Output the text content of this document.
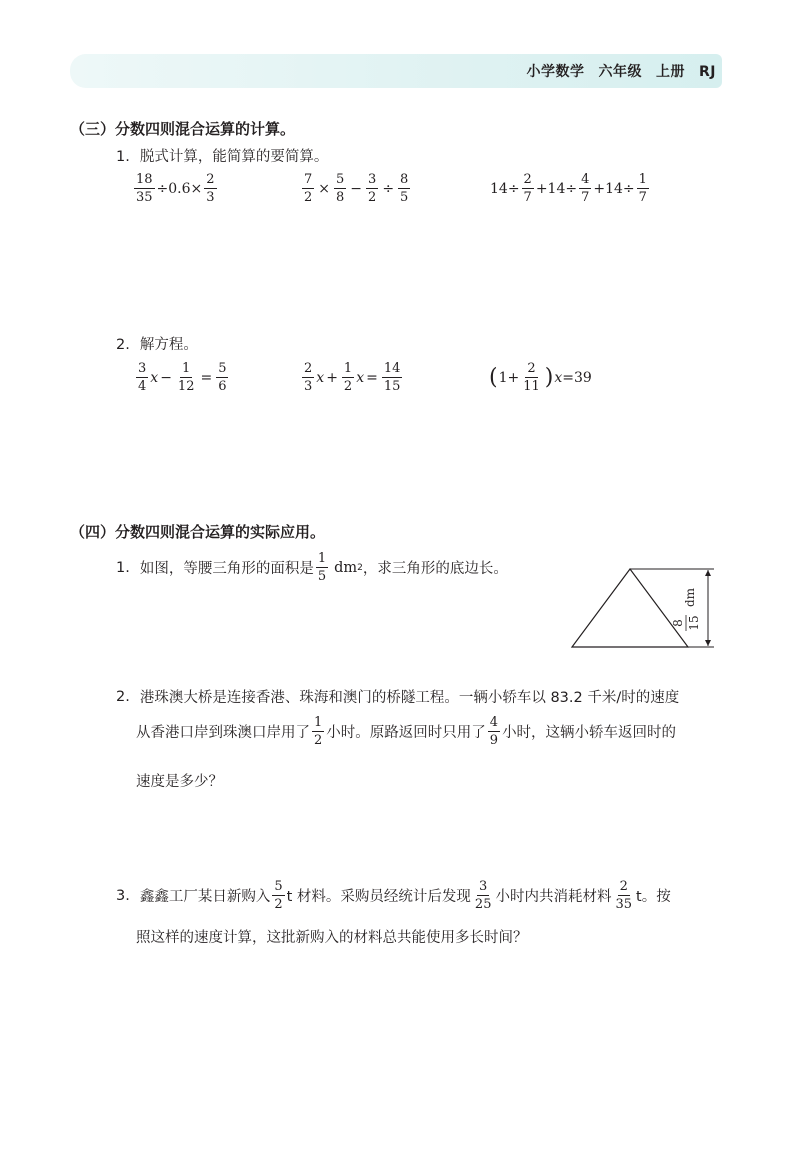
小学数学 六年级 上册 RJ
（三）分数四则混合运算的计算。
1. 脱式计算，能简算的要简算。
$\frac{18}{35} \div 0.6\times \frac{2}{3}$	$\frac{7}{2} \times \frac{5}{8} - \frac{3}{2} \div \frac{8}{5}$	$14\div \frac{2}{7} +14\div \frac{4}{7} +14\div \frac{1}{7}$
2. 解方程。
$\frac{3}{4}$ $x - \frac{1}{12} = \frac{5}{6}$	$\frac{2}{3}$ $x + \frac{1}{2}$ $x = \frac{14}{15}$	( $1+ \frac{2}{11}$ ) x =39
（四）分数四则混合运算的实际应用。
1. 如图，等腰三角形的面积是 $\frac{1}{5}$ dm 2 ，求三角形的底边长。
8 15
dm
2. 港珠澳大桥是连接香港、珠海和澳门的桥隧工程。一辆小轿车以 83.2 千米/时的速度
从香港口岸到珠澳口岸用了 $\frac{1}{2}$ 小时。原路返回时只用了 $\frac{4}{9}$ 小时，这辆小轿车返回时的
速度是多少？
3. 鑫鑫工厂某日新购入 $\frac{5}{2}$ t 材料。采购员经统计后发现 $\frac{3}{25}$ 小时内共消耗材料 $\frac{2}{35}$ t。按
照这样的速度计算，这批新购入的材料总共能使用多长时间？
